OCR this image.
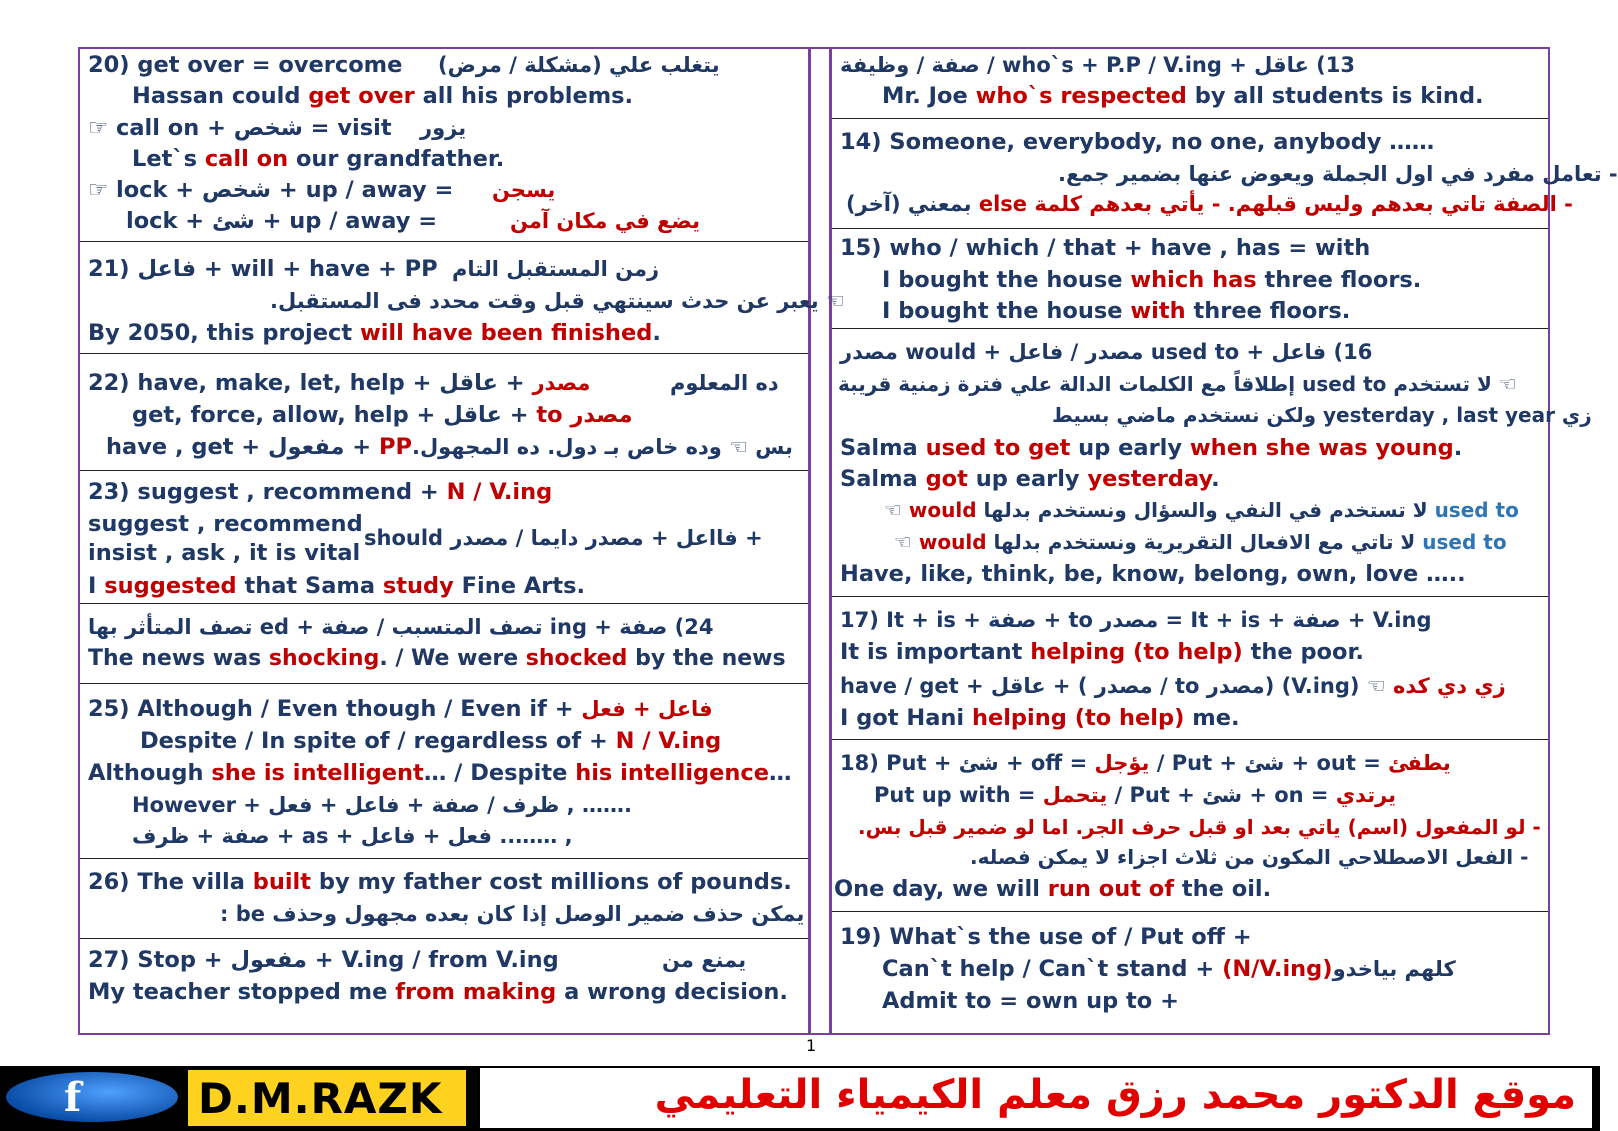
20) get over = overcome يتغلب علي (مشكلة / مرض)
Hassan could get over all his problems.
☞ call on + شخص = visit يزور
Let`s call on our grandfather.
☞ lock + شخص + up / away = يسجن
lock + شئ + up / away =	يضع في مكان آمن
21) فاعل + will + have + PP زمن المستقبل التام
☜ يعبر عن حدث سينتهي قبل وقت محدد فى المستقبل.
By 2050, this project will have been finished.
22) have, make, let, help + عاقل + مصدر	ده المعلوم
get, force, allow, help + عاقل + to مصدر
have , get + مفعول + PP بس ☜ وده خاص بـ دول. ده المجهول.
23) suggest , recommend + N / V.ing
suggest , recommend
insist , ask , it is vital
+ فااعل + مصدر دايما / مصدر should
I suggested that Sama study Fine Arts.
24) صفة + ing تصف المتسبب / صفة + ed تصف المتأثر بها
The news was shocking. / We were shocked by the news
25) Although / Even though / Even if + فاعل + فعل
Despite / In spite of / regardless of + N / V.ing
Although she is intelligent… / Despite his intelligence…
However + ظرف / صفة + فاعل + فعل , …….
, …….. فعل + فاعل + as + صفة + ظرف
26) The villa built by my father cost millions of pounds.
يمكن حذف ضمير الوصل إذا كان بعده مجهول وحذف be :
27) Stop + مفعول + V.ing / from V.ing	يمنع من
My teacher stopped me from making a wrong decision.
13) عاقل + who`s + P.P / V.ing / صفة / وظيفة
Mr. Joe who`s respected by all students is kind.
14) Someone, everybody, no one, anybody ……
- تعامل مفرد في اول الجملة ويعوض عنها بضمير جمع.
- الصفة تاتي بعدهم وليس قبلهم. - يأتي بعدهم كلمة else بمعني (آخر)
15) who / which / that + have , has = with
I bought the house which has three floors.
I bought the house with three floors.
16) فاعل + used to مصدر / فاعل + would مصدر
☜ لا تستخدم used to إطلاقاً مع الكلمات الدالة علي فترة زمنية قريبة
زي yesterday , last year ولكن نستخدم ماضي بسيط
Salma used to get up early when she was young.
Salma got up early yesterday.
☜ would لا تستخدم في النفي والسؤال ونستخدم بدلها used to
☜ would لا تاتي مع الافعال التقريرية ونستخدم بدلها used to
Have, like, think, be, know, belong, own, love …..
17) It + is + صفة + to مصدر = It + is + صفة + V.ing
It is important helping (to help) the poor.
have / get + عاقل + ( مصدر / to مصدر) (V.ing) ☜ زي دي كده
I got Hani helping (to help) me.
18) Put + شئ + off = يؤجل / Put + شئ + out = يطفئ
Put up with = يتحمل / Put + شئ + on = يرتدي
- لو المفعول (اسم) ياتي بعد او قبل حرف الجر. اما لو ضمير قبل بس.
- الفعل الاصطلاحي المكون من ثلاث اجزاء لا يمكن فصله.
One day, we will run out of the oil.
19) What`s the use of / Put off +
Can`t help / Can`t stand + (N/V.ing) كلهم بياخدو
Admit to = own up to +
1
f	D.M.RAZK	موقع الدكتور محمد رزق معلم الكيمياء التعليمي
